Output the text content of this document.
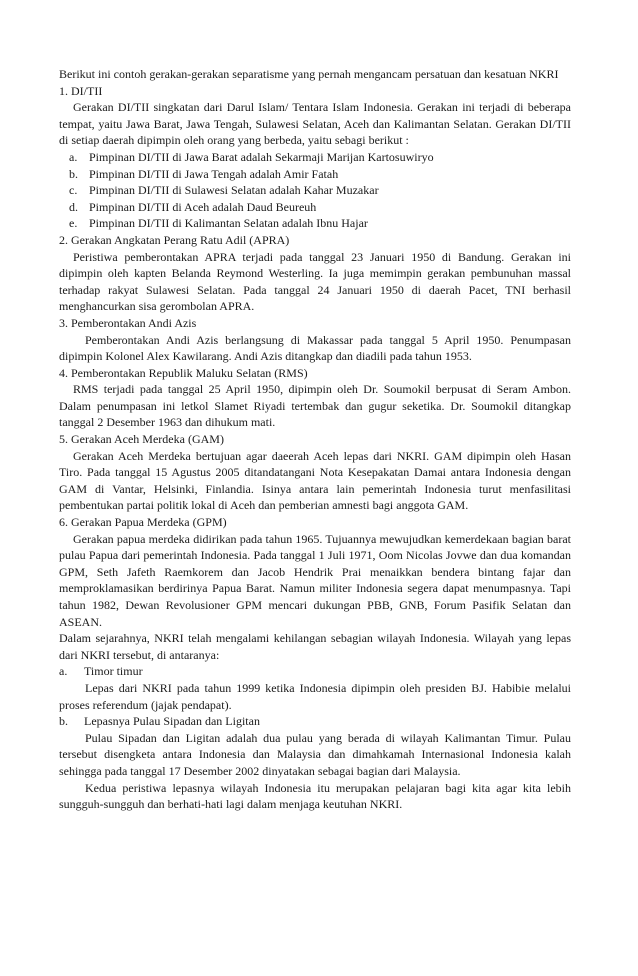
Berikut ini contoh gerakan-gerakan separatisme yang pernah mengancam persatuan dan kesatuan NKRI

1. DI/TII

Gerakan DI/TII singkatan dari Darul Islam/ Tentara Islam Indonesia. Gerakan ini terjadi di beberapa tempat, yaitu Jawa Barat, Jawa Tengah, Sulawesi Selatan, Aceh dan Kalimantan Selatan. Gerakan DI/TII di setiap daerah dipimpin oleh orang yang berbeda, yaitu sebagi berikut :

a. Pimpinan DI/TII di Jawa Barat adalah Sekarmaji Marijan Kartosuwiryo
b. Pimpinan DI/TII di Jawa Tengah adalah Amir Fatah
c. Pimpinan DI/TII di Sulawesi Selatan adalah Kahar Muzakar
d. Pimpinan DI/TII di Aceh adalah Daud Beureuh
e. Pimpinan DI/TII di Kalimantan Selatan adalah Ibnu Hajar

2. Gerakan Angkatan Perang Ratu Adil (APRA)

Peristiwa pemberontakan APRA terjadi pada tanggal 23 Januari 1950 di Bandung. Gerakan ini dipimpin oleh kapten Belanda Reymond Westerling. Ia juga memimpin gerakan pembunuhan massal terhadap rakyat Sulawesi Selatan. Pada tanggal 24 Januari 1950 di daerah Pacet, TNI berhasil menghancurkan sisa gerombolan APRA.

3. Pemberontakan Andi Azis

Pemberontakan Andi Azis berlangsung di Makassar pada tanggal 5 April 1950. Penumpasan dipimpin Kolonel Alex Kawilarang. Andi Azis ditangkap dan diadili pada tahun 1953.

4. Pemberontakan Republik Maluku Selatan (RMS)

RMS terjadi pada tanggal 25 April 1950, dipimpin oleh Dr. Soumokil berpusat di Seram Ambon. Dalam penumpasan ini letkol Slamet Riyadi tertembak dan gugur seketika. Dr. Soumokil ditangkap tanggal 2 Desember 1963 dan dihukum mati.

5. Gerakan Aceh Merdeka (GAM)

Gerakan Aceh Merdeka bertujuan agar daeerah Aceh lepas dari NKRI. GAM dipimpin oleh Hasan Tiro. Pada tanggal 15 Agustus 2005 ditandatangani Nota Kesepakatan Damai antara Indonesia dengan GAM di Vantar, Helsinki, Finlandia. Isinya antara lain pemerintah Indonesia turut menfasilitasi pembentukan partai politik lokal di Aceh dan pemberian amnesti bagi anggota GAM.

6. Gerakan Papua Merdeka (GPM)

Gerakan papua merdeka didirikan pada tahun 1965. Tujuannya mewujudkan kemerdekaan bagian barat pulau Papua dari pemerintah Indonesia. Pada tanggal 1 Juli 1971, Oom Nicolas Jovwe dan dua komandan GPM, Seth Jafeth Raemkorem dan Jacob Hendrik Prai menaikkan bendera bintang fajar dan memproklamasikan berdirinya Papua Barat. Namun militer Indonesia segera dapat menumpasnya. Tapi tahun 1982, Dewan Revolusioner GPM mencari dukungan PBB, GNB, Forum Pasifik Selatan dan ASEAN.

Dalam sejarahnya, NKRI telah mengalami kehilangan sebagian wilayah Indonesia. Wilayah yang lepas dari NKRI tersebut, di antaranya:

a.	Timor timur

Lepas dari NKRI pada tahun 1999 ketika Indonesia dipimpin oleh presiden BJ. Habibie melalui proses referendum (jajak pendapat).

b.	Lepasnya Pulau Sipadan dan Ligitan

Pulau Sipadan dan Ligitan adalah dua pulau yang berada di wilayah Kalimantan Timur. Pulau tersebut disengketa antara Indonesia dan Malaysia dan dimahkamah Internasional Indonesia kalah sehingga pada tanggal 17 Desember 2002 dinyatakan sebagai bagian dari Malaysia.

Kedua peristiwa lepasnya wilayah Indonesia itu merupakan pelajaran bagi kita agar kita lebih sungguh-sungguh dan berhati-hati lagi dalam menjaga keutuhan NKRI.
